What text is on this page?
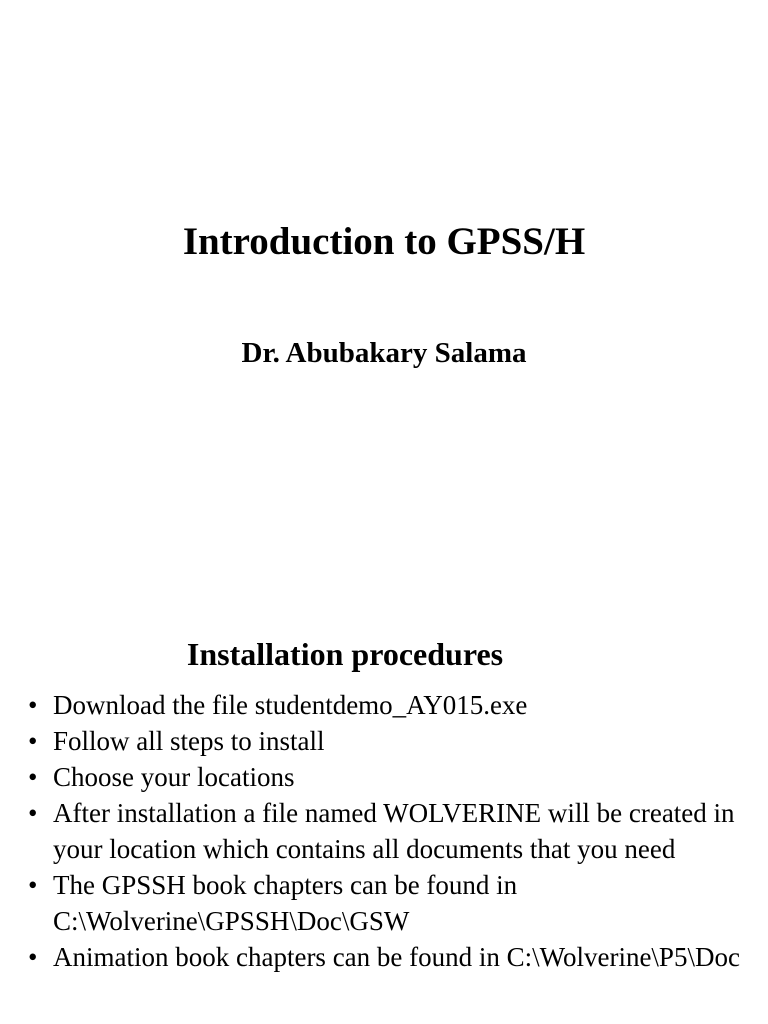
Introduction to GPSS/H
Dr. Abubakary Salama
Installation procedures
• Download the file studentdemo_AY015.exe
• Follow all steps to install
• Choose your locations
• After installation a file named WOLVERINE will be created in your location which contains all documents that you need
• The GPSSH book chapters can be found in C:\Wolverine\GPSSH\Doc\GSW
• Animation book chapters can be found in C:\Wolverine\P5\Doc
